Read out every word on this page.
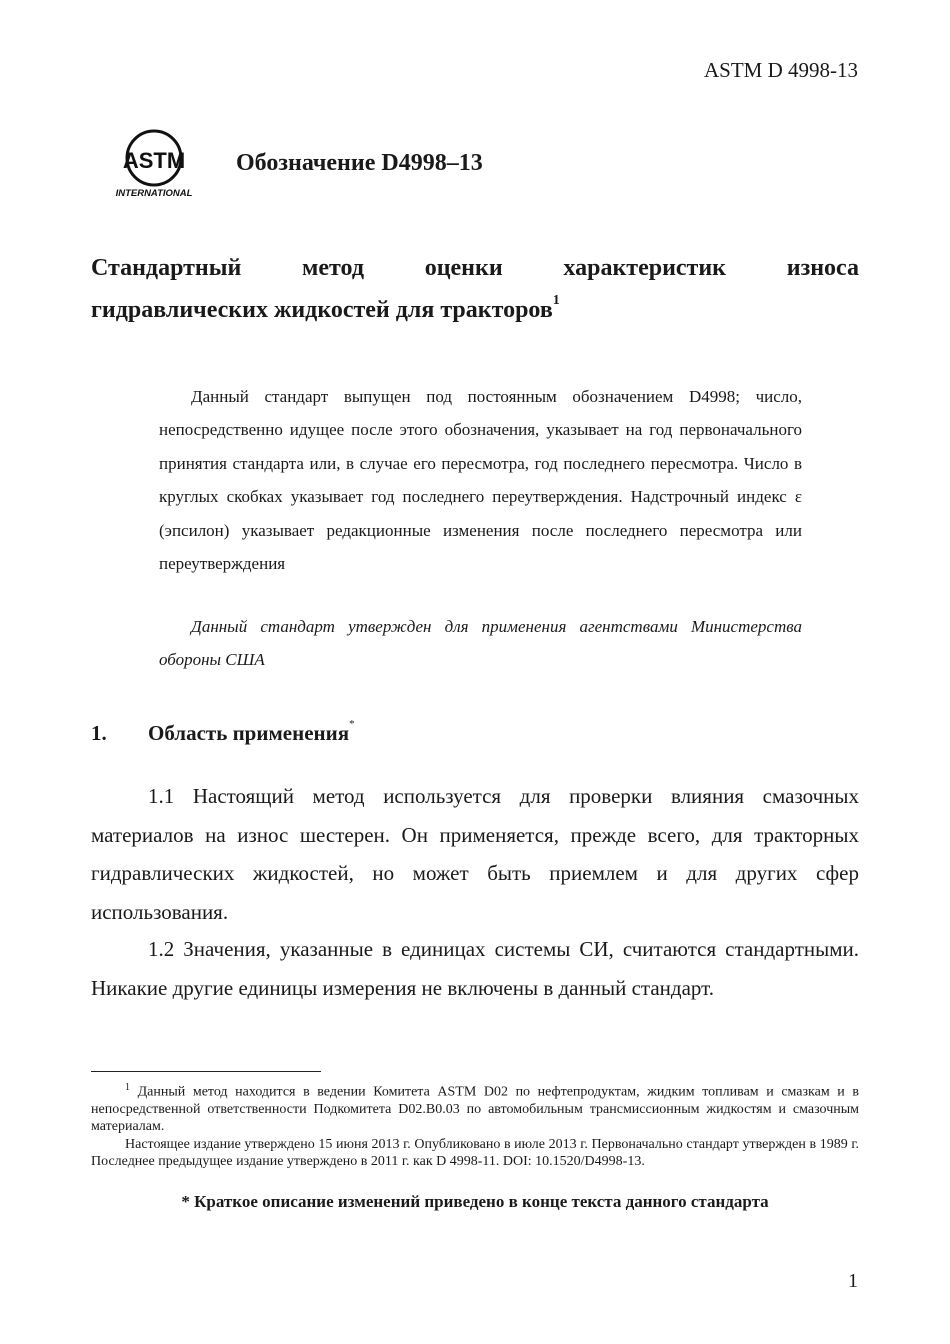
ASTM D 4998-13
ASTM
INTERNATIONAL
Обозначение D4998–13
Стандартный метод оценки характеристик износа
гидравлических жидкостей для тракторов$^1$

Данный стандарт выпущен под постоянным обозначением D4998; число, непосредственно идущее после этого обозначения, указывает на год первоначального принятия стандарта или, в случае его пересмотра, год последнего пересмотра. Число в круглых скобках указывает год последнего переутверждения. Надстрочный индекс ε (эпсилон) указывает редакционные изменения после последнего пересмотра или переутверждения

Данный стандарт утвержден для применения агентствами Министерства обороны США

1. Область применения*

1.1 Настоящий метод используется для проверки влияния смазочных материалов на износ шестерен. Он применяется, прежде всего, для тракторных гидравлических жидкостей, но может быть приемлем и для других сфер использования.

1.2 Значения, указанные в единицах системы СИ, считаются стандартными. Никакие другие единицы измерения не включены в данный стандарт.

$^1$ Данный метод находится в ведении Комитета ASTM D02 по нефтепродуктам, жидким топливам и смазкам и в непосредственной ответственности Подкомитета D02.B0.03 по автомобильным трансмиссионным жидкостям и смазочным материалам.

Настоящее издание утверждено 15 июня 2013 г. Опубликовано в июле 2013 г. Первоначально стандарт утвержден в 1989 г. Последнее предыдущее издание утверждено в 2011 г. как D 4998-11. DOI: 10.1520/D4998-13.

* Краткое описание изменений приведено в конце текста данного стандарта
1
